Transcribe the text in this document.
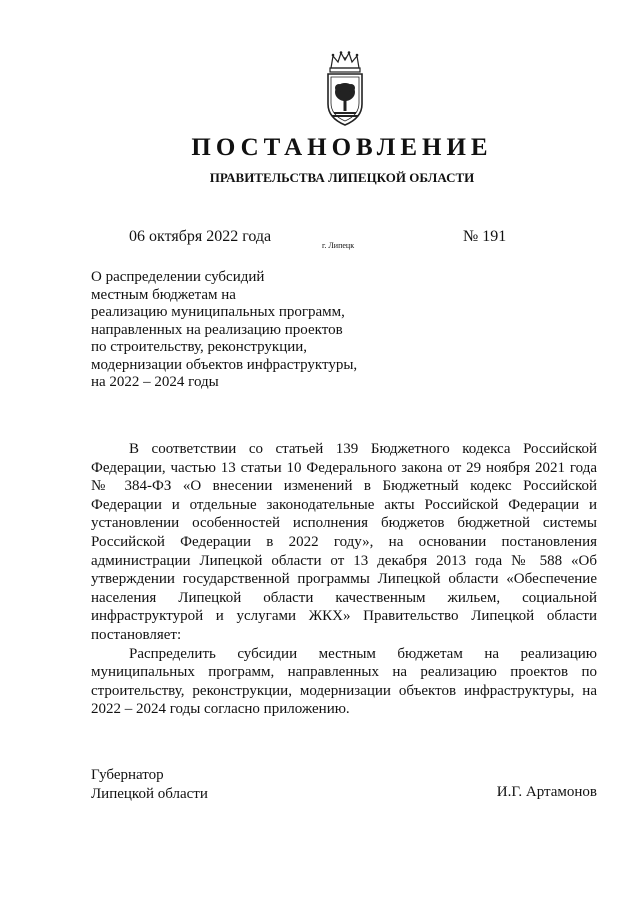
ПОСТАНОВЛЕНИЕ
ПРАВИТЕЛЬСТВА ЛИПЕЦКОЙ ОБЛАСТИ
06 октября 2022 года
г. Липецк
№ 191
О распределении субсидий
местным бюджетам на
реализацию муниципальных программ,
направленных на реализацию проектов
по строительству, реконструкции,
модернизации объектов инфраструктуры,
на 2022 – 2024 годы

В соответствии со статьей 139 Бюджетного кодекса Российской Федерации, частью 13 статьи 10 Федерального закона от 29 ноября 2021 года № 384-ФЗ «О внесении изменений в Бюджетный кодекс Российской Федерации и отдельные законодательные акты Российской Федерации и установлении особенностей исполнения бюджетов бюджетной системы Российской Федерации в 2022 году», на основании постановления администрации Липецкой области от 13 декабря 2013 года № 588 «Об утверждении государственной программы Липецкой области «Обеспечение населения Липецкой области качественным жильем, социальной инфраструктурой и услугами ЖКХ» Правительство Липецкой области постановляет:

Распределить субсидии местным бюджетам на реализацию муниципальных программ, направленных на реализацию проектов по строительству, реконструкции, модернизации объектов инфраструктуры, на 2022 – 2024 годы согласно приложению.

Губернатор
Липецкой области	И.Г. Артамонов
